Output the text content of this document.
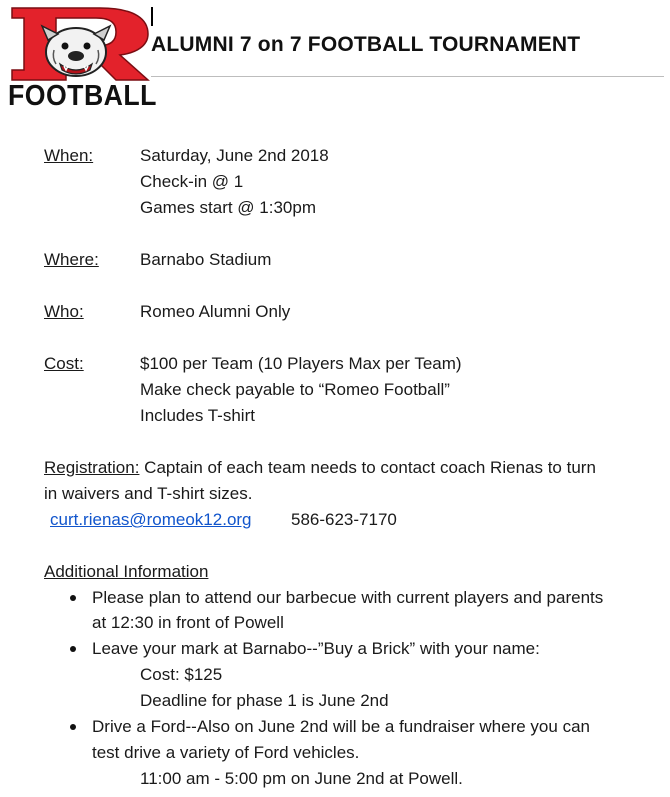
FOOTBALL
ALUMNI 7 on 7 FOOTBALL TOURNAMENT
When:	Saturday, June 2nd 2018
Check-in @ 1
Games start @ 1:30pm
Where: Barnabo Stadium
Who:	Romeo Alumni Only
Cost:	$100 per Team (10 Players Max per Team)
Make check payable to “Romeo Football”
Includes T-shirt
Registration: Captain of each team needs to contact coach Rienas to turn
in waivers and T-shirt sizes.
curt.rienas@romeok12.org 586-623-7170
Additional Information
Please plan to attend our barbecue with current players and parents
at 12:30 in front of Powell
Leave your mark at Barnabo--”Buy a Brick” with your name:
Cost: $125
Deadline for phase 1 is June 2nd
Drive a Ford--Also on June 2nd will be a fundraiser where you can
test drive a variety of Ford vehicles.
11:00 am - 5:00 pm on June 2nd at Powell.
